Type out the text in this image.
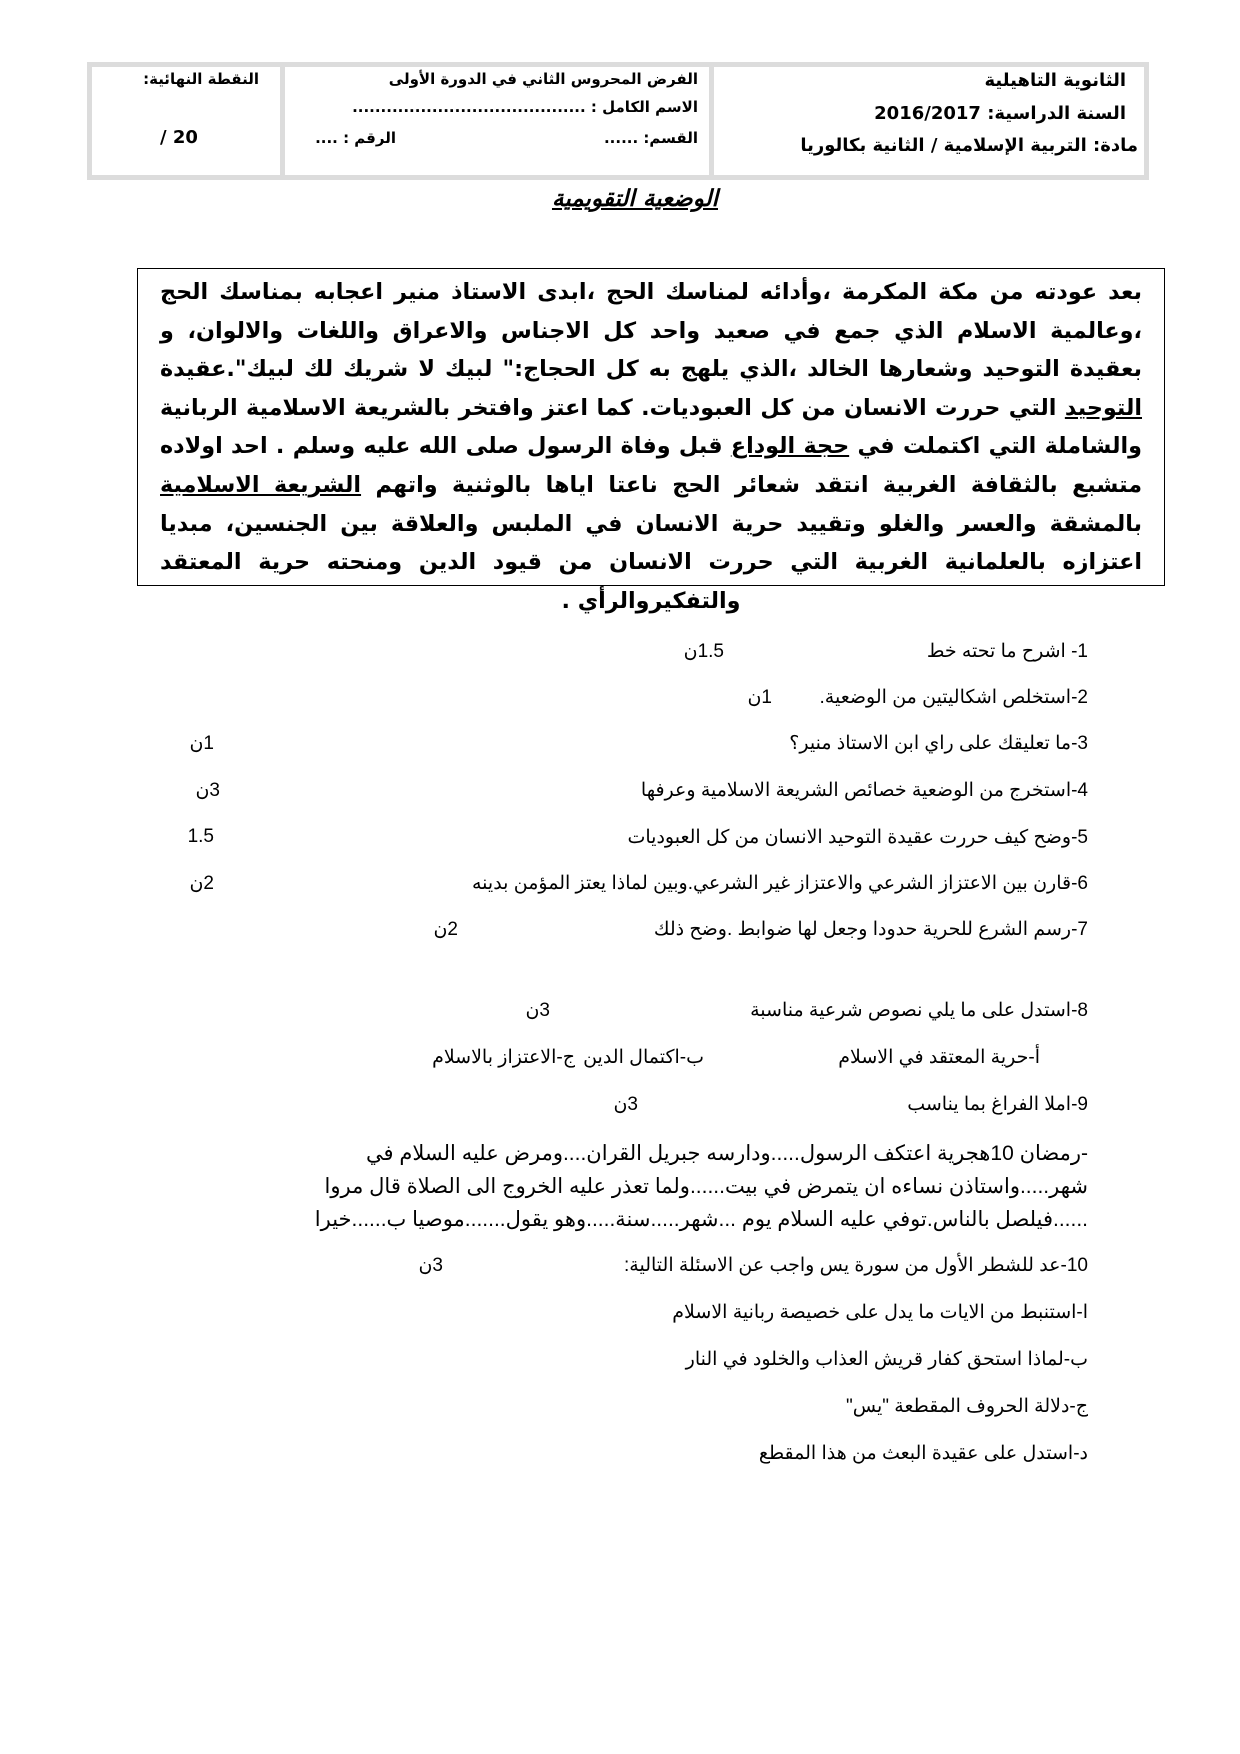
الثانوية التاهيلية
السنة الدراسية: 2016/2017
مادة: التربية الإسلامية / الثانية بكالوريا
الفرض المحروس الثاني في الدورة الأولى
الاسم الكامل : .........................................
القسم: ......
الرقم : ....
النقطة النهائية:
/ 20
الوضعية التقويمية

بعد عودته من مكة المكرمة ،وأدائه لمناسك الحج ،ابدى الاستاذ منير اعجابه بمناسك الحج ،وعالمية الاسلام الذي جمع في صعيد واحد كل الاجناس والاعراق واللغات والالوان، و بعقيدة التوحيد وشعارها الخالد ،الذي يلهج به كل الحجاج:" لبيك لا شريك لك لبيك".عقيدة التوحيد التي حررت الانسان من كل العبوديات. كما اعتز وافتخر بالشريعة الاسلامية الربانية والشاملة التي اكتملت في حجة الوداع قبل وفاة الرسول صلى الله عليه وسلم . احد اولاده متشبع بالثقافة الغربية انتقد شعائر الحج ناعتا اياها بالوثنية واتهم الشريعة الاسلامية بالمشقة والعسر والغلو وتقييد حرية الانسان في الملبس والعلاقة بين الجنسين، مبديا اعتزازه بالعلمانية الغربية التي حررت الانسان من قيود الدين ومنحته حرية المعتقد والتفكيروالرأي .

1- اشرح ما تحته خط
1.5ن
2-استخلص اشكاليتين من الوضعية.
1ن
3-ما تعليقك على راي ابن الاستاذ منير؟
1ن
4-استخرج من الوضعية خصائص الشريعة الاسلامية وعرفها
3ن
5-وضح كيف حررت عقيدة التوحيد الانسان من كل العبوديات
1.5
6-قارن بين الاعتزاز الشرعي والاعتزاز غير الشرعي.وبين لماذا يعتز المؤمن بدينه
2ن
7-رسم الشرع للحرية حدودا وجعل لها ضوابط .وضح ذلك
2ن
8-استدل على ما يلي نصوص شرعية مناسبة
3ن
أ-حرية المعتقد في الاسلام
ب-اكتمال الدين
ج-الاعتزاز بالاسلام
9-املا الفراغ بما يناسب
3ن
-رمضان 10هجرية اعتكف الرسول.....ودارسه جبريل القران....ومرض عليه السلام في
شهر.....واستاذن نساءه ان يتمرض في بيت......ولما تعذر عليه الخروج الى الصلاة قال مروا
......فيلصل بالناس.توفي عليه السلام يوم ...شهر.....سنة.....وهو يقول.......موصيا ب......خيرا
10-عد للشطر الأول من سورة يس واجب عن الاسئلة التالية:
3ن
ا-استنبط من الايات ما يدل على خصيصة ربانية الاسلام
ب-لماذا استحق كفار قريش العذاب والخلود في النار
ج-دلالة الحروف المقطعة "يس"
د-استدل على عقيدة البعث من هذا المقطع
